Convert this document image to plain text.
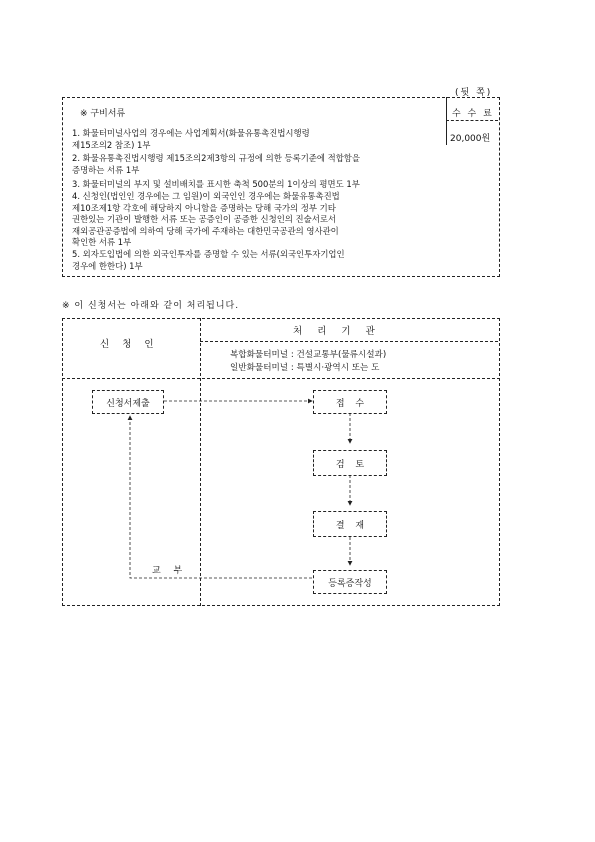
(뒷 쪽)
※ 구비서류	수 수 료
20,000원
1. 화물터미널사업의 경우에는 사업계획서(화물유통촉진법시행령
제15조의2 참조) 1부
2. 화물유통촉진법시행령 제15조의2제3항의 규정에 의한 등록기준에 적합함을
증명하는 서류 1부
3. 화물터미널의 부지 및 설비배치를 표시한 축척 500분의 1이상의 평면도 1부
4. 신청인(법인인 경우에는 그 임원)이 외국인인 경우에는 화물유통촉진법
제10조제1항 각호에 해당하지 아니함을 증명하는 당해 국가의 정부 기타
권한있는 기관이 발행한 서류 또는 공증인이 공증한 신청인의 진술서로서
재외공관공증법에 의하여 당해 국가에 주재하는 대한민국공관의 영사관이
확인한 서류 1부
5. 외자도입법에 의한 외국인투자를 증명할 수 있는 서류(외국인투자기업인
경우에 한한다) 1부
※ 이 신청서는 아래와 같이 처리됩니다.
신 청 인
처 리 기 관
복합화물터미널 : 건설교통부(물류시설과)
일반화물터미널 : 특별시·광역시 또는 도
신청서제출	접 수
검 토
결 재
등록증작성
교 부
